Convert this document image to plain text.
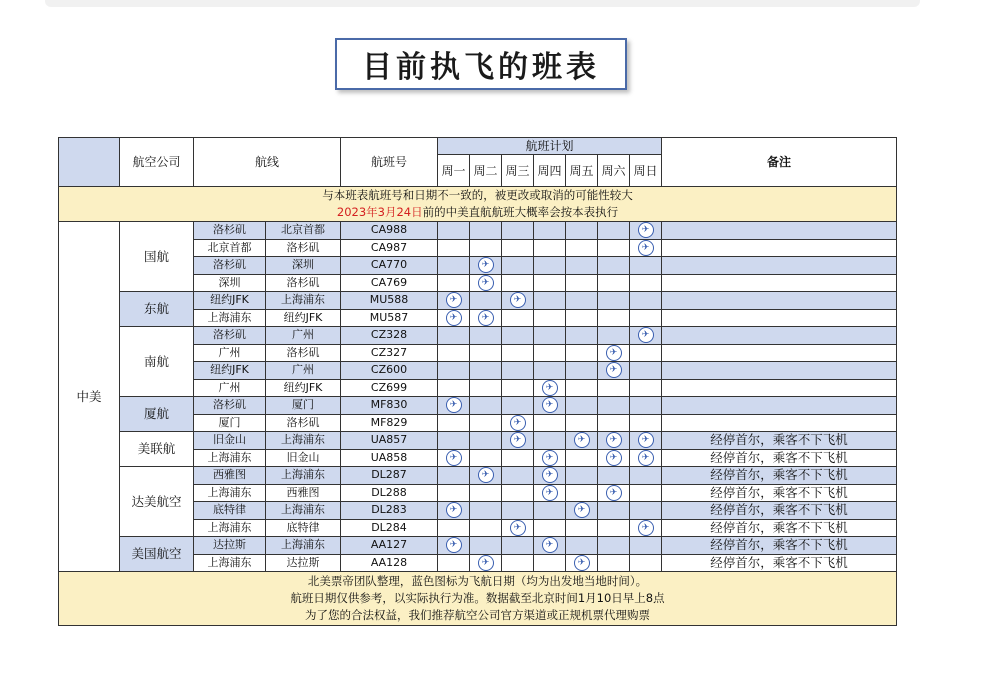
目前执飞的班表
	航空公司	航线		航班号	航班计划							备注
					周一	周二	周三	周四	周五	周六	周日	

与本班表航班号和日期不一致的，被更改或取消的可能性较大
2023年3月24日前的中美直航航班大概率会按本表执行												

中美	国航	洛杉矶	北京首都	CA988							✈	
		北京首都	洛杉矶	CA987							✈	
		洛杉矶	深圳	CA770		✈						
		深圳	洛杉矶	CA769		✈						
	东航	纽约JFK	上海浦东	MU588	✈		✈					
		上海浦东	纽约JFK	MU587	✈	✈						
	南航	洛杉矶	广州	CZ328							✈	
		广州	洛杉矶	CZ327						✈		
		纽约JFK	广州	CZ600						✈		
		广州	纽约JFK	CZ699				✈				
	厦航	洛杉矶	厦门	MF830	✈			✈				
		厦门	洛杉矶	MF829			✈					
	美联航	旧金山	上海浦东	UA857			✈		✈	✈	✈	经停首尔，乘客不下飞机
		上海浦东	旧金山	UA858	✈			✈		✈	✈	经停首尔，乘客不下飞机
	达美航空	西雅图	上海浦东	DL287		✈		✈				经停首尔，乘客不下飞机
		上海浦东	西雅图	DL288				✈		✈		经停首尔，乘客不下飞机
		底特律	上海浦东	DL283	✈				✈			经停首尔，乘客不下飞机
		上海浦东	底特律	DL284			✈				✈	经停首尔，乘客不下飞机
	美国航空	达拉斯	上海浦东	AA127	✈			✈				经停首尔，乘客不下飞机
		上海浦东	达拉斯	AA128		✈			✈			经停首尔，乘客不下飞机

北美票帝团队整理，蓝色图标为飞航日期（均为出发地当地时间）。
航班日期仅供参考，以实际执行为准。数据截至北京时间1月10日早上8点
为了您的合法权益，我们推荐航空公司官方渠道或正规机票代理购票												
